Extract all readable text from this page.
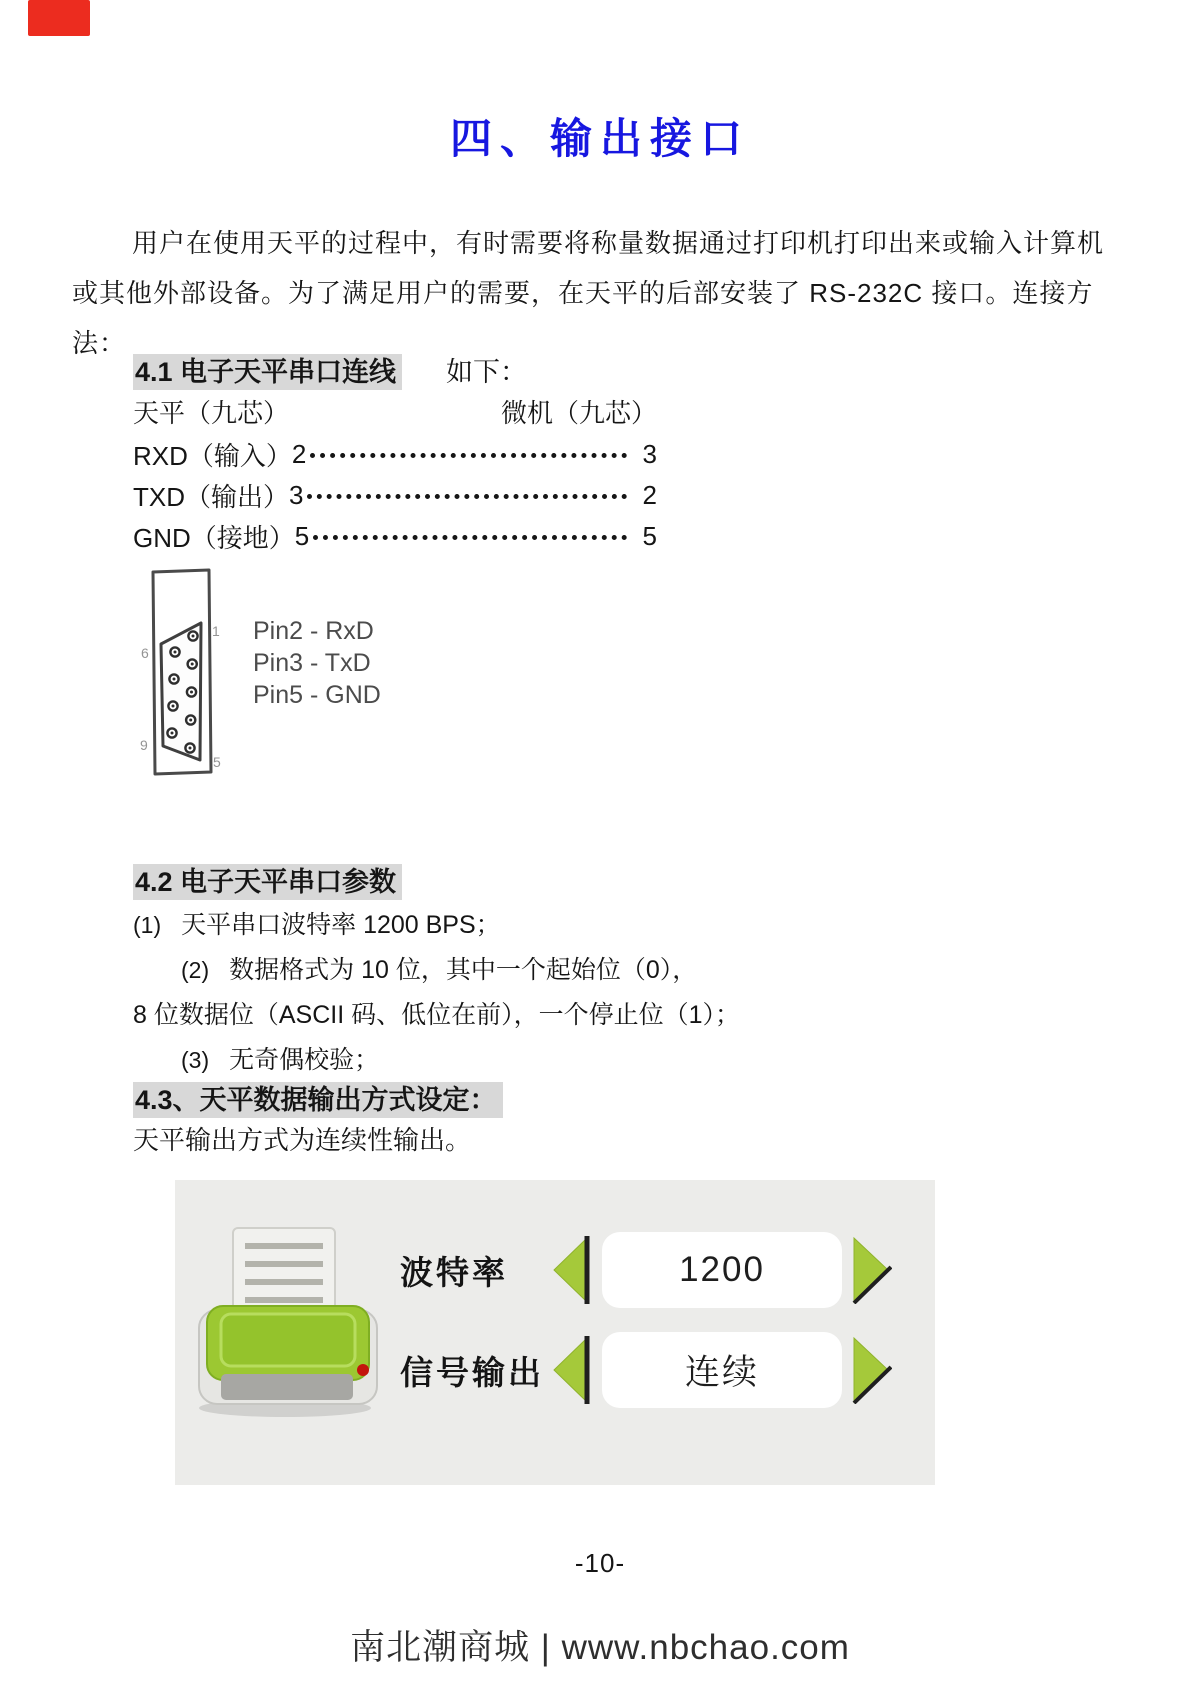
四、输出接口
用户在使用天平的过程中，有时需要将称量数据通过打印机打印出来或输入计算机
或其他外部设备。为了满足用户的需要，在天平的后部安装了 RS-232C 接口。连接方法：
4.1 电子天平串口连线 如下：
天平（九芯）	微机（九芯）
RXD（输入） 2	3
TXD（输出） 3	2
GND（接地） 5	5
6
9
1
5
Pin2 - RxD
Pin3 - TxD
Pin5 - GND
4.2 电子天平串口参数
(1) 天平串口波特率 1200 BPS；
(2) 数据格式为 10 位，其中一个起始位（0），
8 位数据位（ASCII 码、低位在前），一个停止位（1）；
(3) 无奇偶校验；
4.3、天平数据输出方式设定：
天平输出方式为连续性输出。
波特率	1200
信号输出	连续
-10-
南北潮商城 | www.nbchao.com
